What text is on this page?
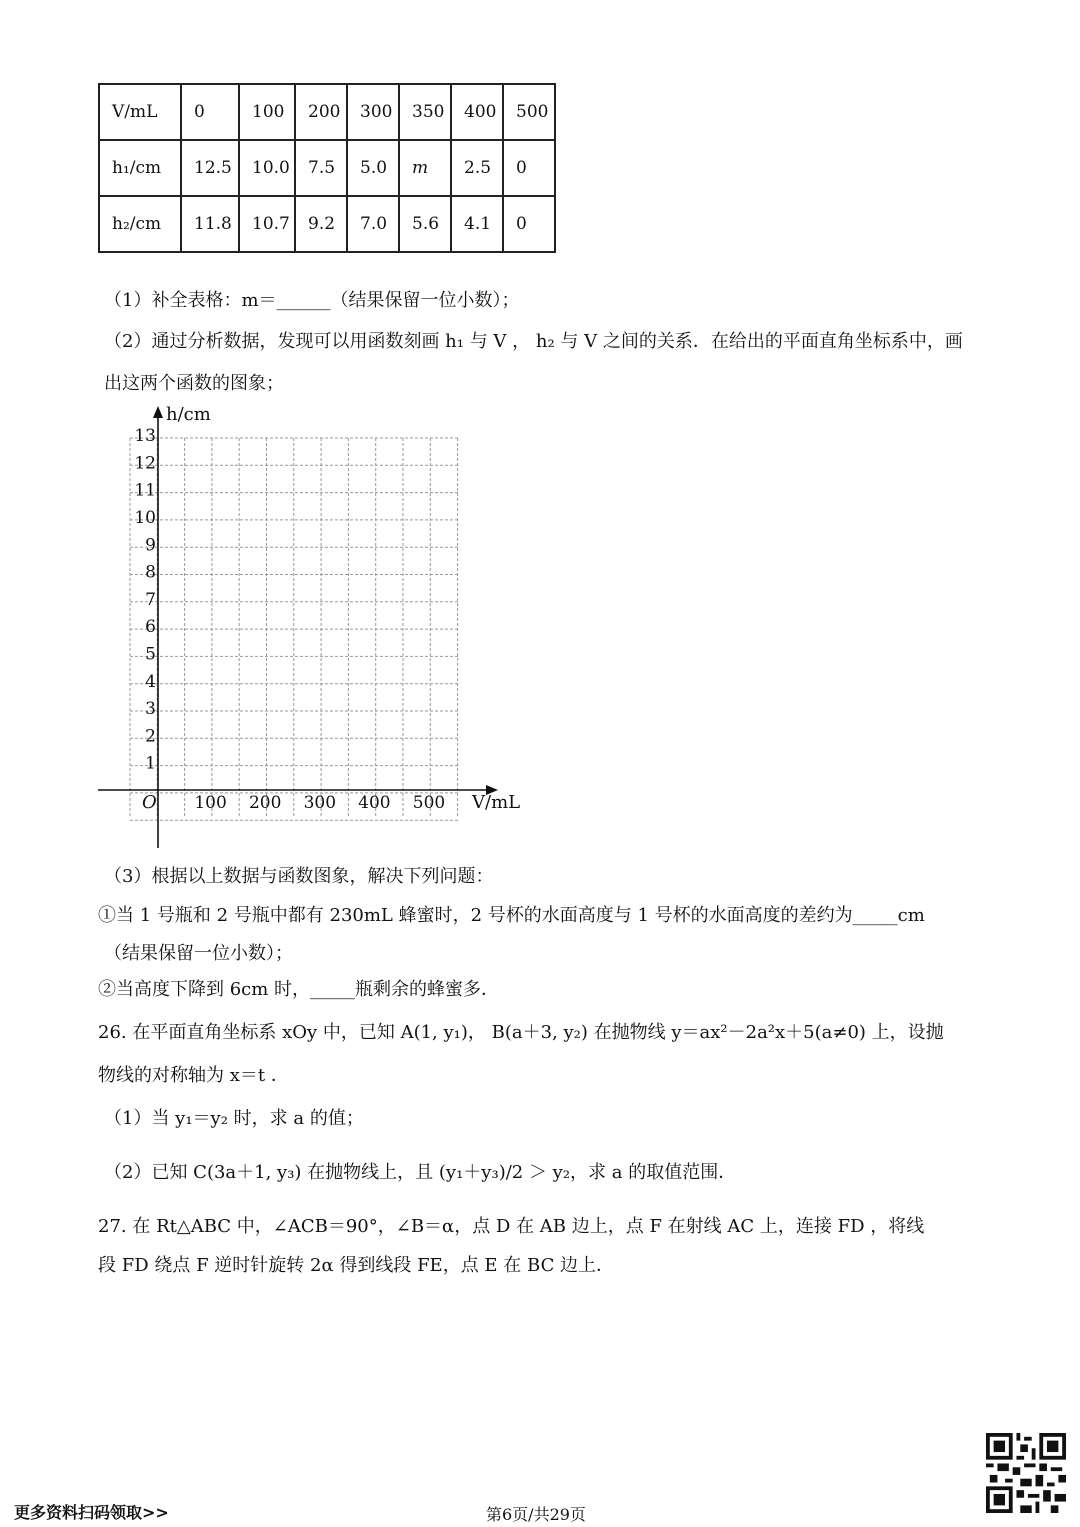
V/mL	0	100	200	300	350	400	500
h₁/cm	12.5	10.0	7.5	5.0	m	2.5	0
h₂/cm	11.8	10.7	9.2	7.0	5.6	4.1	0
（1）补全表格：m＝______（结果保留一位小数）；
（2）通过分析数据，发现可以用函数刻画 h₁ 与 V ， h₂ 与 V 之间的关系．在给出的平面直角坐标系中，画
出这两个函数的图象；
1
2
3
4
5
6
7
8
9
10
11
12
13
100 200 300 400 500
O
h/cm
V/mL
（3）根据以上数据与函数图象，解决下列问题：
①当 1 号瓶和 2 号瓶中都有 230mL 蜂蜜时，2 号杯的水面高度与 1 号杯的水面高度的差约为_____cm
（结果保留一位小数）；
②当高度下降到 6cm 时，_____瓶剩余的蜂蜜多．
26. 在平面直角坐标系 xOy 中，已知 A(1, y₁)， B(a＋3, y₂) 在抛物线 y＝ax²－2a²x＋5(a≠0) 上，设抛
物线的对称轴为 x＝t ．
（1）当 y₁＝y₂ 时，求 a 的值；
（2）已知 C(3a＋1, y₃) 在抛物线上，且 (y₁＋y₃)/2 ＞ y₂，求 a 的取值范围．
27. 在 Rt△ABC 中，∠ACB＝90°，∠B＝α，点 D 在 AB 边上，点 F 在射线 AC 上，连接 FD ，将线
段 FD 绕点 F 逆时针旋转 2α 得到线段 FE，点 E 在 BC 边上．
更多资料扫码领取>>	第6页/共29页
